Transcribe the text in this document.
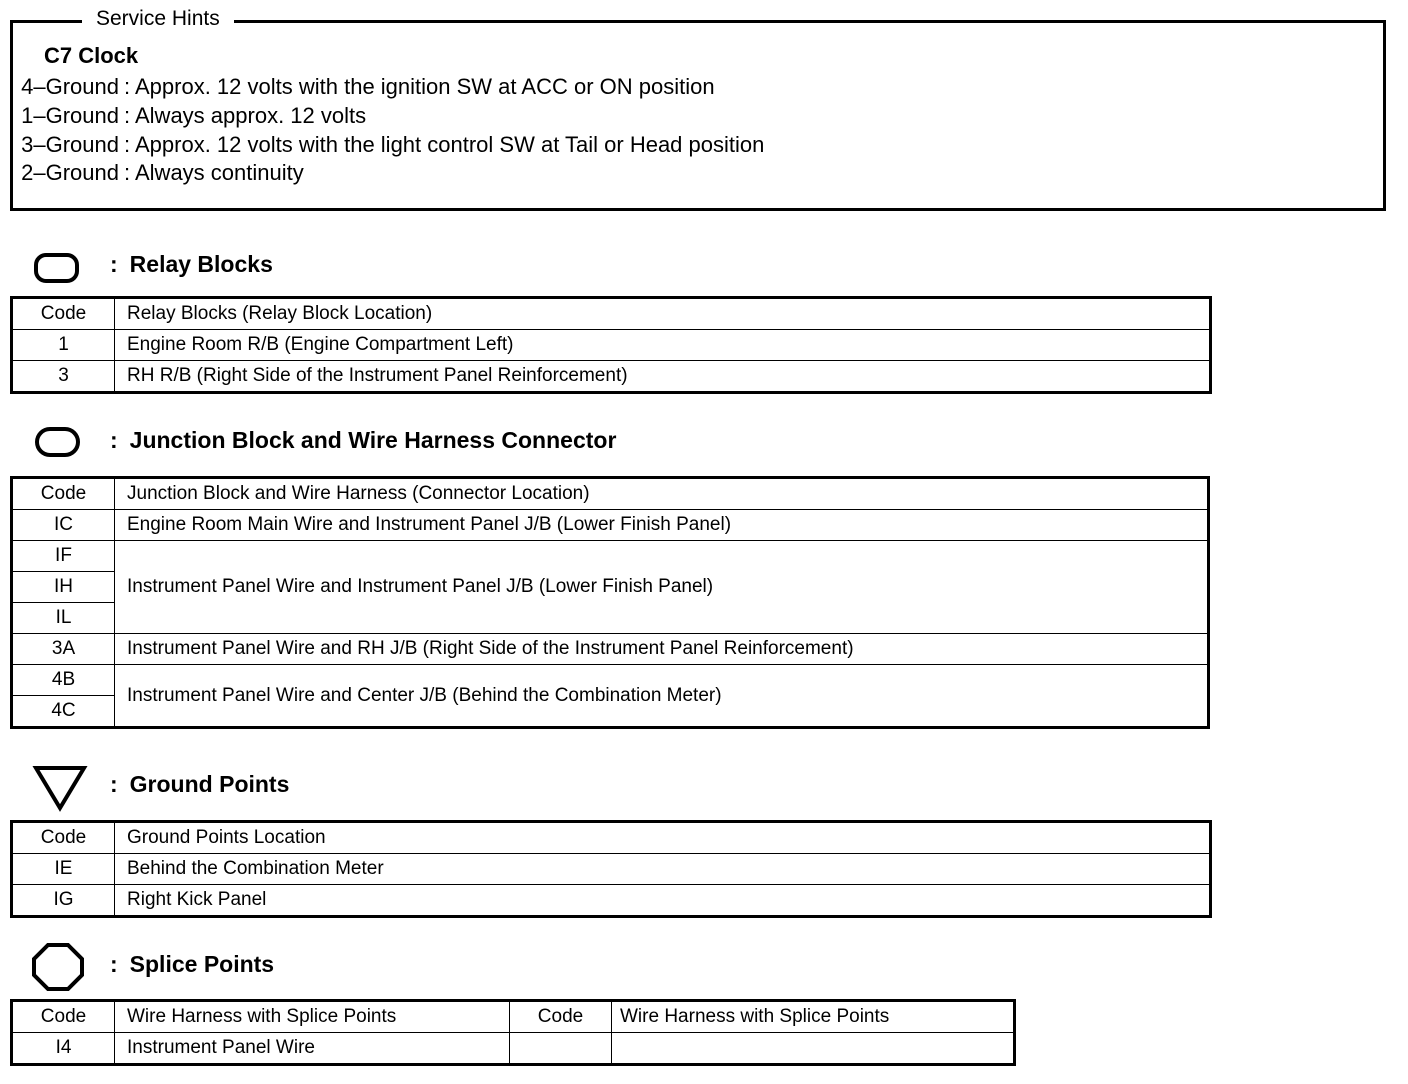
Service Hints
C7 Clock
4–Ground : Approx. 12 volts with the ignition SW at ACC or ON position
1–Ground : Always approx. 12 volts
3–Ground : Approx. 12 volts with the light control SW at Tail or Head position
2–Ground : Always continuity
: Relay Blocks
Code	Relay Blocks (Relay Block Location)
1	Engine Room R/B (Engine Compartment Left)
3	RH R/B (Right Side of the Instrument Panel Reinforcement)
: Junction Block and Wire Harness Connector
Code	Junction Block and Wire Harness (Connector Location)
IC	Engine Room Main Wire and Instrument Panel J/B (Lower Finish Panel)
IF	Instrument Panel Wire and Instrument Panel J/B (Lower Finish Panel)
IH	
IL	
3A	Instrument Panel Wire and RH J/B (Right Side of the Instrument Panel Reinforcement)
4B	Instrument Panel Wire and Center J/B (Behind the Combination Meter)
4C	
: Ground Points
Code	Ground Points Location
IE	Behind the Combination Meter
IG	Right Kick Panel
: Splice Points
Code	Wire Harness with Splice Points	Code	Wire Harness with Splice Points
I4	Instrument Panel Wire		
